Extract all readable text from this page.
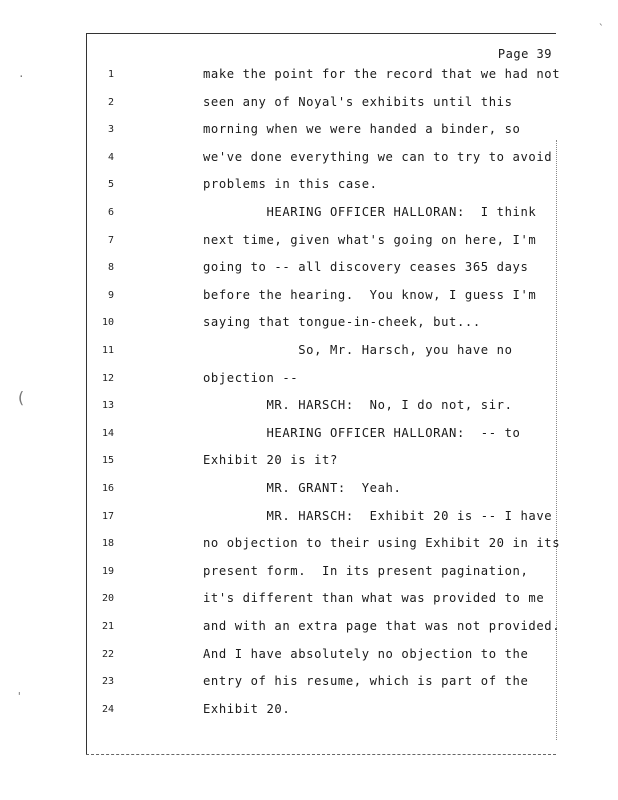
Page 39
1	make the point for the record that we had not
2	seen any of Noyal's exhibits until this
3	morning when we were handed a binder, so
4	we've done everything we can to try to avoid
5	problems in this case.
6	HEARING OFFICER HALLORAN:  I think
7	next time, given what's going on here, I'm
8	going to -- all discovery ceases 365 days
9	before the hearing.  You know, I guess I'm
10	saying that tongue-in-cheek, but...
11	So, Mr. Harsch, you have no
12	objection --
13	MR. HARSCH:  No, I do not, sir.
14	HEARING OFFICER HALLORAN:  -- to
15	Exhibit 20 is it?
16	MR. GRANT:  Yeah.
17	MR. HARSCH:  Exhibit 20 is -- I have
18	no objection to their using Exhibit 20 in its
19	present form.  In its present pagination,
20	it's different than what was provided to me
21	and with an extra page that was not provided.
22	And I have absolutely no objection to the
23	entry of his resume, which is part of the
24	Exhibit 20.
·
(
'
`
